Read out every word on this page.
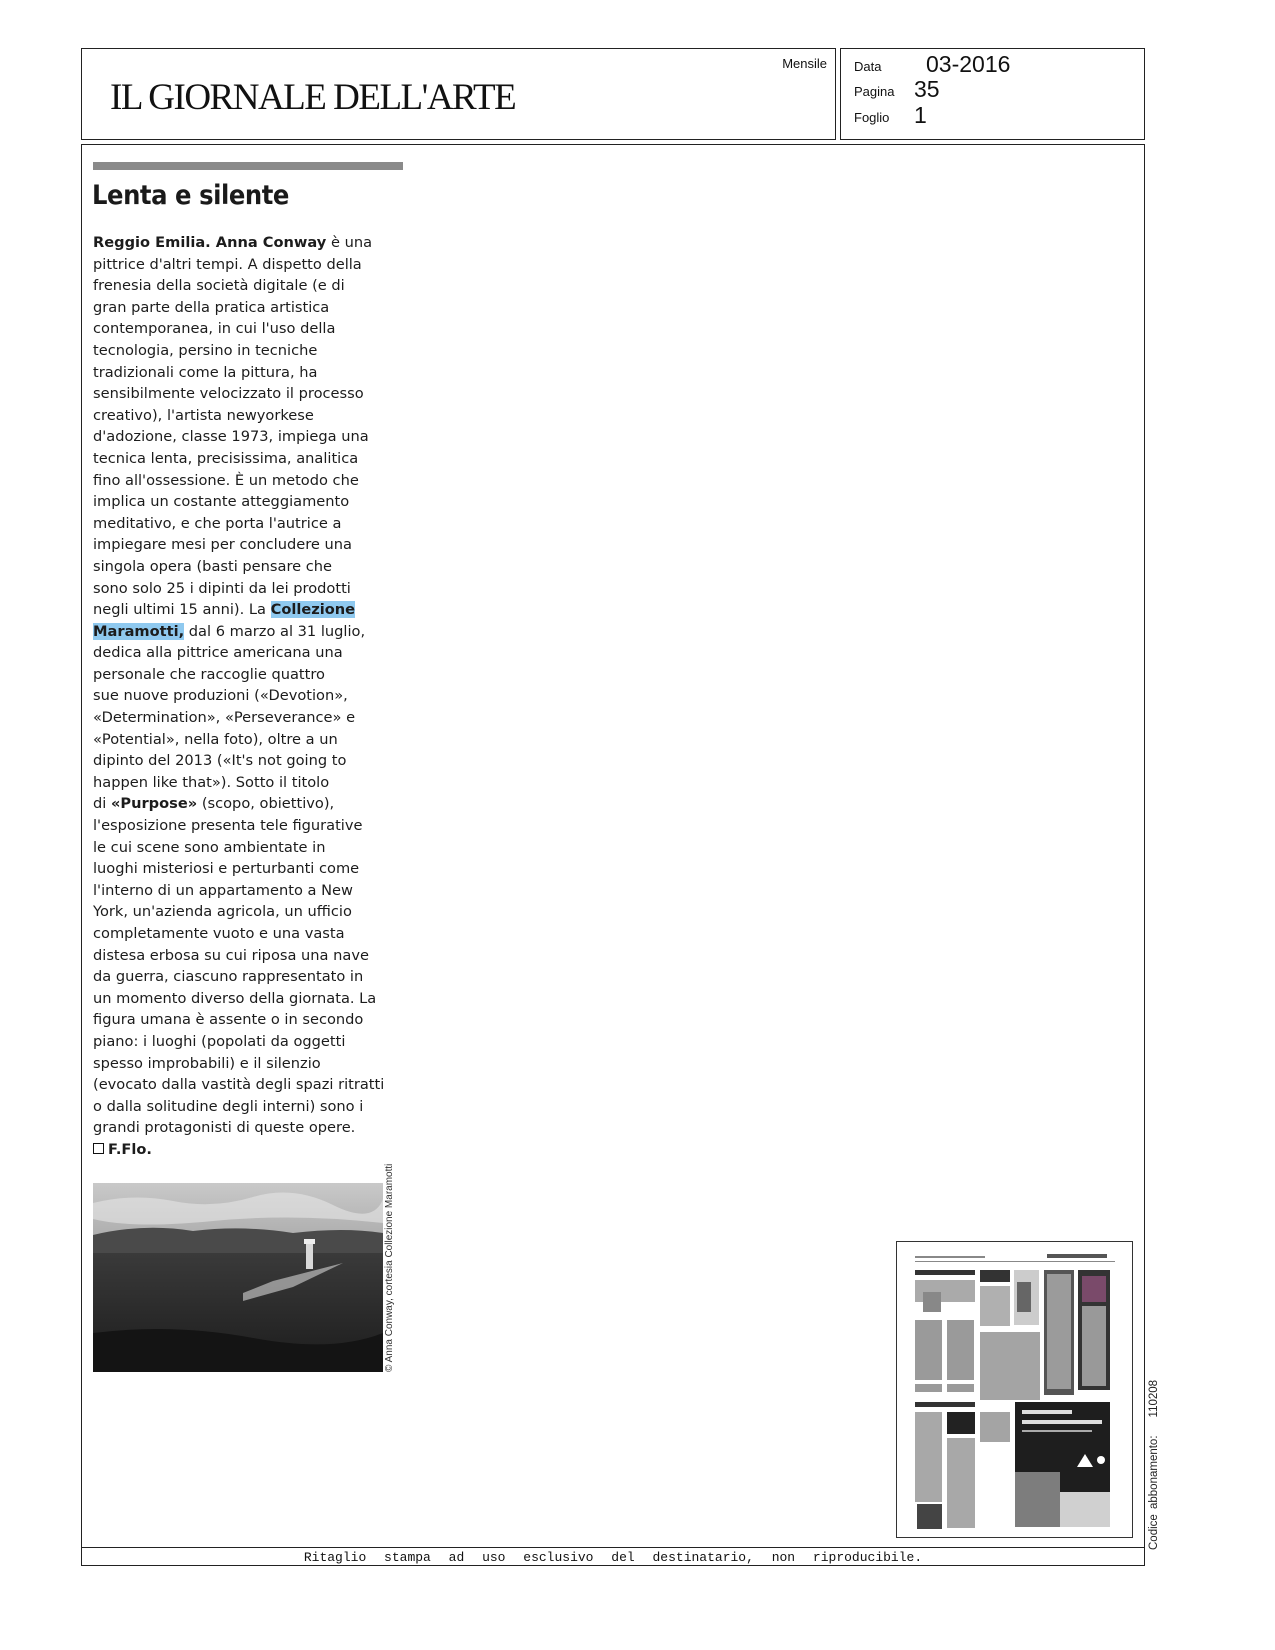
IL GIORNALE DELL'ARTE
Mensile Data 03-2016
Pagina 35
Foglio 1
Lenta e silente
Reggio Emilia. Anna Conway è una
pittrice d'altri tempi. A dispetto della
frenesia della società digitale (e di
gran parte della pratica artistica
contemporanea, in cui l'uso della
tecnologia, persino in tecniche
tradizionali come la pittura, ha
sensibilmente velocizzato il processo
creativo), l'artista newyorkese
d'adozione, classe 1973, impiega una
tecnica lenta, precisissima, analitica
fino all'ossessione. È un metodo che
implica un costante atteggiamento
meditativo, e che porta l'autrice a
impiegare mesi per concludere una
singola opera (basti pensare che
sono solo 25 i dipinti da lei prodotti
negli ultimi 15 anni). La Collezione
Maramotti, dal 6 marzo al 31 luglio,
dedica alla pittrice americana una
personale che raccoglie quattro
sue nuove produzioni («Devotion»,
«Determination», «Perseverance» e
«Potential», nella foto), oltre a un
dipinto del 2013 («It's not going to
happen like that»). Sotto il titolo
di «Purpose» (scopo, obiettivo),
l'esposizione presenta tele figurative
le cui scene sono ambientate in
luoghi misteriosi e perturbanti come
l'interno di un appartamento a New
York, un'azienda agricola, un ufficio
completamente vuoto e una vasta
distesa erbosa su cui riposa una nave
da guerra, ciascuno rappresentato in
un momento diverso della giornata. La
figura umana è assente o in secondo
piano: i luoghi (popolati da oggetti
spesso improbabili) e il silenzio
(evocato dalla vastità degli spazi ritratti
o dalla solitudine degli interni) sono i
grandi protagonisti di queste opere.
F.Flo.
© Anna Conway, cortesia Collezione Maramotti
Ritaglio stampa ad uso esclusivo del destinatario, non riproducibile.
Codice abbonamento:110208
